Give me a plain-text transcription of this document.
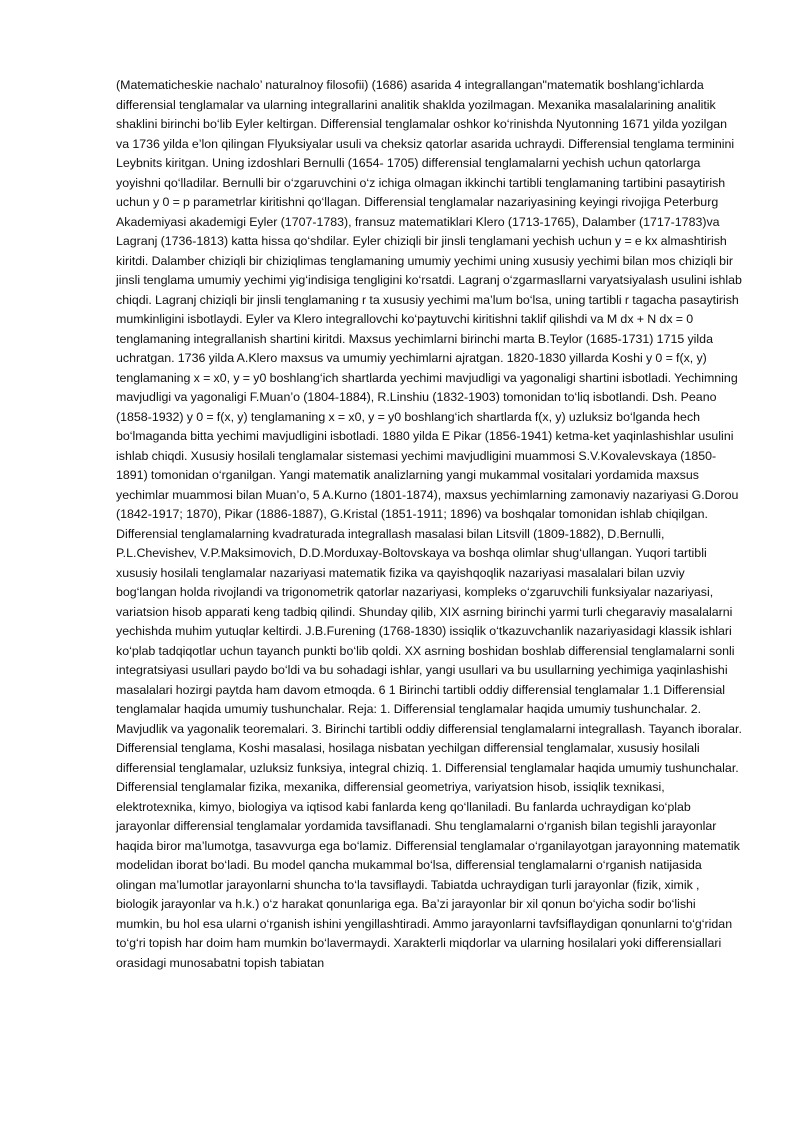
(Matematicheskie nachalo’ naturalnoy filosofii) (1686) asarida 4 integrallangan"matematik boshlang‘ichlarda differensial tenglamalar va ularning integrallarini analitik shaklda yozilmagan. Mexanika masalalarining analitik shaklini birinchi bo‘lib Eyler keltirgan. Differensial tenglamalar oshkor ko‘rinishda Nyutonning 1671 yilda yozilgan va 1736 yilda e’lon qilingan Flyuksiyalar usuli va cheksiz qatorlar asarida uchraydi. Differensial tenglama terminini Leybnits kiritgan. Uning izdoshlari Bernulli (1654- 1705) differensial tenglamalarni yechish uchun qatorlarga yoyishni qo‘lladilar. Bernulli bir o‘zgaruvchini o‘z ichiga olmagan ikkinchi tartibli tenglamaning tartibini pasaytirish uchun y 0 = p parametrlar kiritishni qo‘llagan. Differensial tenglamalar nazariyasining keyingi rivojiga Peterburg Akademiyasi akademigi Eyler (1707-1783), fransuz matematiklari Klero (1713-1765), Dalamber (1717-1783)va Lagranj (1736-1813) katta hissa qo‘shdilar. Eyler chiziqli bir jinsli tenglamani yechish uchun y = e kx almashtirish kiritdi. Dalamber chiziqli bir chiziqlimas tenglamaning umumiy yechimi uning xususiy yechimi bilan mos chiziqli bir jinsli tenglama umumiy yechimi yig‘indisiga tengligini ko‘rsatdi. Lagranj o‘zgarmasllarni varyatsiyalash usulini ishlab chiqdi. Lagranj chiziqli bir jinsli tenglamaning r ta xususiy yechimi ma’lum bo‘lsa, uning tartibli r tagacha pasaytirish mumkinligini isbotlaydi. Eyler va Klero integrallovchi ko‘paytuvchi kiritishni taklif qilishdi va M dx + N dx = 0 tenglamaning integrallanish shartini kiritdi. Maxsus yechimlarni birinchi marta B.Teylor (1685-1731) 1715 yilda uchratgan. 1736 yilda A.Klero maxsus va umumiy yechimlarni ajratgan. 1820-1830 yillarda Koshi y 0 = f(x, y) tenglamaning x = x0, y = y0 boshlang‘ich shartlarda yechimi mavjudligi va yagonaligi shartini isbotladi. Yechimning mavjudligi va yagonaligi F.Muan’o (1804-1884), R.Linshiu (1832-1903) tomonidan to‘liq isbotlandi. Dsh. Peano (1858-1932) y 0 = f(x, y) tenglamaning x = x0, y = y0 boshlang‘ich shartlarda f(x, y) uzluksiz bo‘lganda hech bo‘lmaganda bitta yechimi mavjudligini isbotladi. 1880 yilda E Pikar (1856-1941) ketma-ket yaqinlashishlar usulini ishlab chiqdi. Xususiy hosilali tenglamalar sistemasi yechimi mavjudligini muammosi S.V.Kovalevskaya (1850-1891) tomonidan o‘rganilgan. Yangi matematik analizlarning yangi mukammal vositalari yordamida maxsus yechimlar muammosi bilan Muan’o, 5 A.Kurno (1801-1874), maxsus yechimlarning zamonaviy nazariyasi G.Dorou (1842-1917; 1870), Pikar (1886-1887), G.Kristal (1851-1911; 1896) va boshqalar tomonidan ishlab chiqilgan. Differensial tenglamalarning kvadraturada integrallash masalasi bilan Litsvill (1809-1882), D.Bernulli, P.L.Chevishev, V.P.Maksimovich, D.D.Morduxay-Boltovskaya va boshqa olimlar shug‘ullangan. Yuqori tartibli xususiy hosilali tenglamalar nazariyasi matematik fizika va qayishqoqlik nazariyasi masalalari bilan uzviy bog‘langan holda rivojlandi va trigonometrik qatorlar nazariyasi, kompleks o‘zgaruvchili funksiyalar nazariyasi, variatsion hisob apparati keng tadbiq qilindi. Shunday qilib, XIX asrning birinchi yarmi turli chegaraviy masalalarni yechishda muhim yutuqlar keltirdi. J.B.Furening (1768-1830) issiqlik o‘tkazuvchanlik nazariyasidagi klassik ishlari ko‘plab tadqiqotlar uchun tayanch punkti bo‘lib qoldi. XX asrning boshidan boshlab differensial tenglamalarni sonli integratsiyasi usullari paydo bo‘ldi va bu sohadagi ishlar, yangi usullari va bu usullarning yechimiga yaqinlashishi masalalari hozirgi paytda ham davom etmoqda. 6 1 Birinchi tartibli oddiy differensial tenglamalar 1.1 Differensial tenglamalar haqida umumiy tushunchalar. Reja: 1. Differensial tenglamalar haqida umumiy tushunchalar. 2. Mavjudlik va yagonalik teoremalari. 3. Birinchi tartibli oddiy differensial tenglamalarni integrallash. Tayanch iboralar. Differensial tenglama, Koshi masalasi, hosilaga nisbatan yechilgan differensial tenglamalar, xususiy hosilali differensial tenglamalar, uzluksiz funksiya, integral chiziq. 1. Differensial tenglamalar haqida umumiy tushunchalar. Differensial tenglamalar fizika, mexanika, differensial geometriya, variyatsion hisob, issiqlik texnikasi, elektrotexnika, kimyo, biologiya va iqtisod kabi fanlarda keng qo‘llaniladi. Bu fanlarda uchraydigan ko‘plab jarayonlar differensial tenglamalar yordamida tavsiflanadi. Shu tenglamalarni o‘rganish bilan tegishli jarayonlar haqida biror ma’lumotga, tasavvurga ega bo‘lamiz. Differensial tenglamalar o‘rganilayotgan jarayonning matematik modelidan iborat bo‘ladi. Bu model qancha mukammal bo‘lsa, differensial tenglamalarni o‘rganish natijasida olingan ma’lumotlar jarayonlarni shuncha to‘la tavsiflaydi. Tabiatda uchraydigan turli jarayonlar (fizik, ximik , biologik jarayonlar va h.k.) o‘z harakat qonunlariga ega. Ba’zi jarayonlar bir xil qonun bo‘yicha sodir bo‘lishi mumkin, bu hol esa ularni o‘rganish ishini yengillashtiradi. Ammo jarayonlarni tavfsiflaydigan qonunlarni to‘g‘ridan to‘g‘ri topish har doim ham mumkin bo‘lavermaydi. Xarakterli miqdorlar va ularning hosilalari yoki differensiallari orasidagi munosabatni topish tabiatan
